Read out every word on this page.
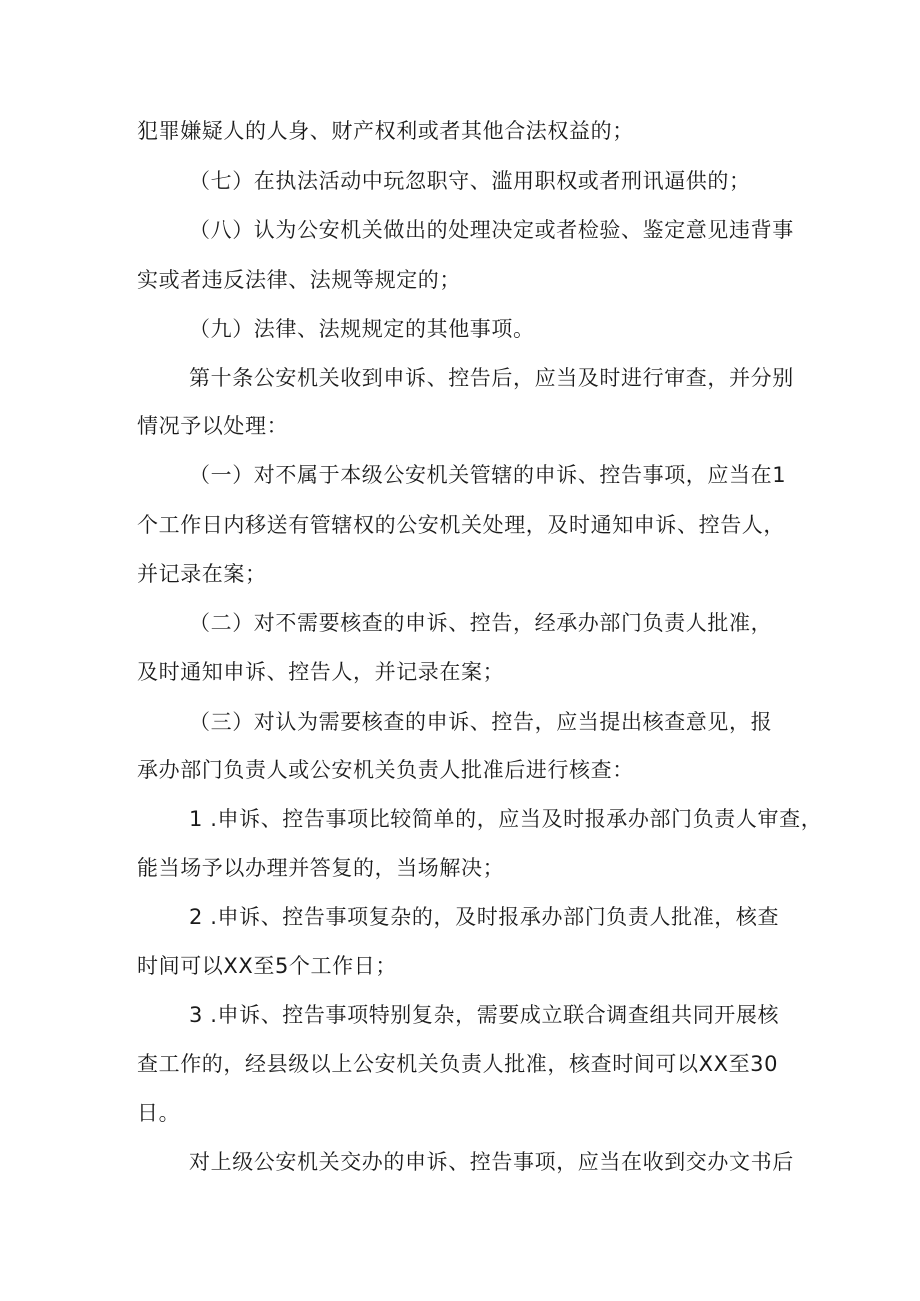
犯罪嫌疑人的人身、财产权利或者其他合法权益的；
（七）在执法活动中玩忽职守、滥用职权或者刑讯逼供的；
（八）认为公安机关做出的处理决定或者检验、鉴定意见违背事
实或者违反法律、法规等规定的；
（九）法律、法规规定的其他事项。
第十条公安机关收到申诉、控告后，应当及时进行审查，并分别
情况予以处理：
（一）对不属于本级公安机关管辖的申诉、控告事项，应当在1
个工作日内移送有管辖权的公安机关处理，及时通知申诉、控告人，
并记录在案；
（二）对不需要核查的申诉、控告，经承办部门负责人批准，
及时通知申诉、控告人，并记录在案；
（三）对认为需要核查的申诉、控告，应当提出核查意见，报
承办部门负责人或公安机关负责人批准后进行核查：
1 .申诉、控告事项比较简单的，应当及时报承办部门负责人审查，
能当场予以办理并答复的，当场解决；
2 .申诉、控告事项复杂的，及时报承办部门负责人批准，核查
时间可以XX至5个工作日；
3 .申诉、控告事项特别复杂，需要成立联合调查组共同开展核
查工作的，经县级以上公安机关负责人批准，核查时间可以XX至30
日。
对上级公安机关交办的申诉、控告事项，应当在收到交办文书后
